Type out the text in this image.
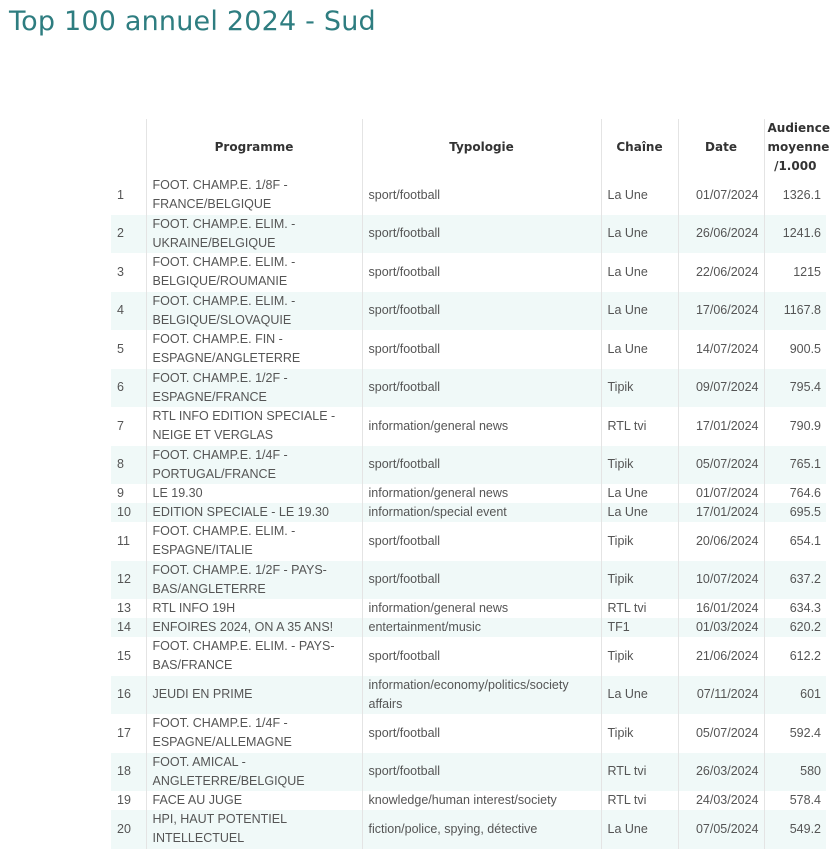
Top 100 annuel 2024 - Sud
	Programme	Typologie	Chaîne	Date	Audience
moyenne
/1.000
1	FOOT. CHAMP.E. 1/8F - FRANCE/BELGIQUE	sport/football	La Une	01/07/2024	1326.1
2	FOOT. CHAMP.E. ELIM. - UKRAINE/BELGIQUE	sport/football	La Une	26/06/2024	1241.6
3	FOOT. CHAMP.E. ELIM. - BELGIQUE/ROUMANIE	sport/football	La Une	22/06/2024	1215
4	FOOT. CHAMP.E. ELIM. - BELGIQUE/SLOVAQUIE	sport/football	La Une	17/06/2024	1167.8
5	FOOT. CHAMP.E. FIN - ESPAGNE/ANGLETERRE	sport/football	La Une	14/07/2024	900.5
6	FOOT. CHAMP.E. 1/2F - ESPAGNE/FRANCE	sport/football	Tipik	09/07/2024	795.4
7	RTL INFO EDITION SPECIALE - NEIGE ET VERGLAS	information/general news	RTL tvi	17/01/2024	790.9
8	FOOT. CHAMP.E. 1/4F - PORTUGAL/FRANCE	sport/football	Tipik	05/07/2024	765.1
9	LE 19.30	information/general news	La Une	01/07/2024	764.6
10	EDITION SPECIALE - LE 19.30	information/special event	La Une	17/01/2024	695.5
11	FOOT. CHAMP.E. ELIM. - ESPAGNE/ITALIE	sport/football	Tipik	20/06/2024	654.1
12	FOOT. CHAMP.E. 1/2F - PAYS-BAS/ANGLETERRE	sport/football	Tipik	10/07/2024	637.2
13	RTL INFO 19H	information/general news	RTL tvi	16/01/2024	634.3
14	ENFOIRES 2024, ON A 35 ANS!	entertainment/music	TF1	01/03/2024	620.2
15	FOOT. CHAMP.E. ELIM. - PAYS-BAS/FRANCE	sport/football	Tipik	21/06/2024	612.2
16	JEUDI EN PRIME	information/economy/politics/society affairs	La Une	07/11/2024	601
17	FOOT. CHAMP.E. 1/4F - ESPAGNE/ALLEMAGNE	sport/football	Tipik	05/07/2024	592.4
18	FOOT. AMICAL - ANGLETERRE/BELGIQUE	sport/football	RTL tvi	26/03/2024	580
19	FACE AU JUGE	knowledge/human interest/society	RTL tvi	24/03/2024	578.4
20	HPI, HAUT POTENTIEL INTELLECTUEL	fiction/police, spying, détective	La Une	07/05/2024	549.2
